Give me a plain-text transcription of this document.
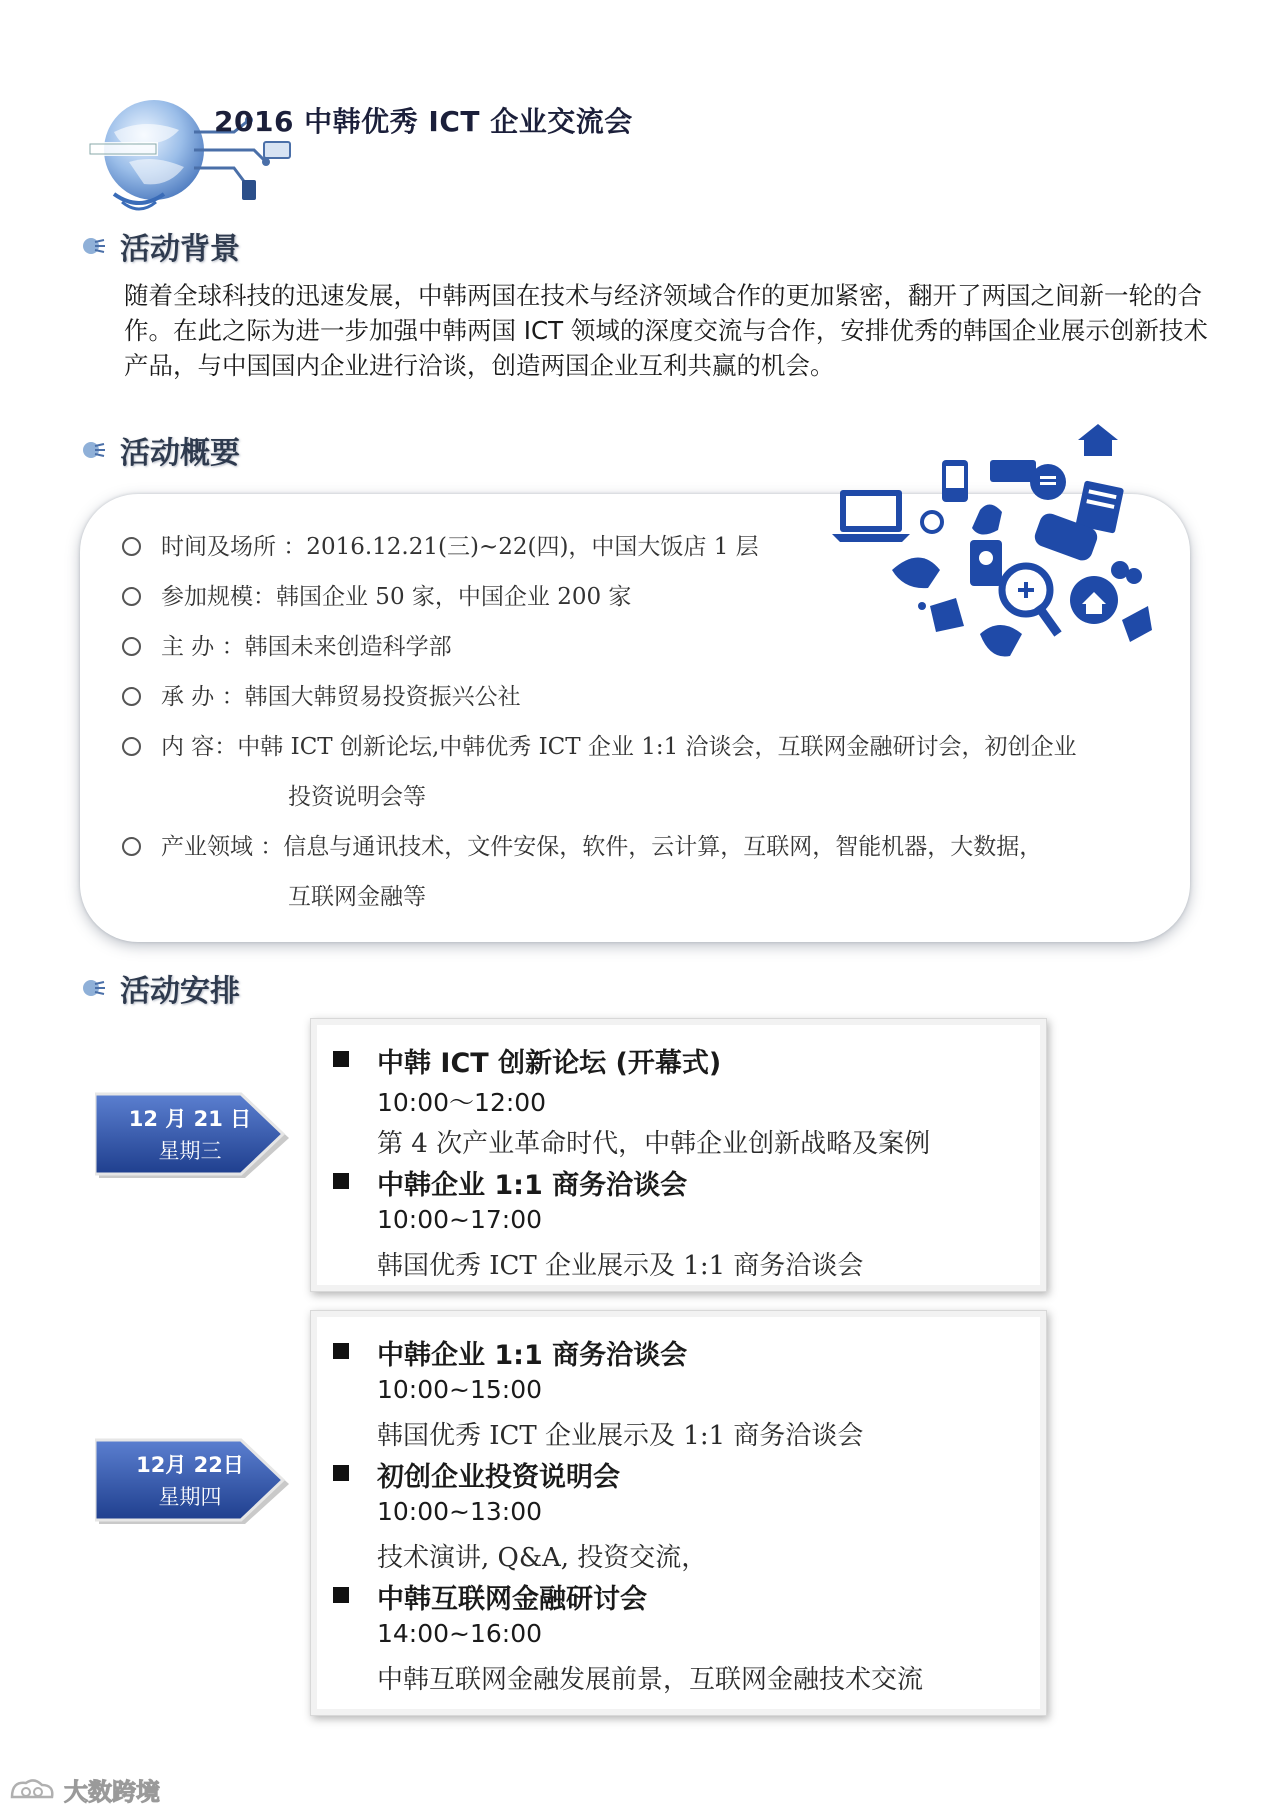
2016 中韩优秀 ICT 企业交流会
活动背景
随着全球科技的迅速发展，中韩两国在技术与经济领域合作的更加紧密，翻开了两国之间新一轮的合作。在此之际为进一步加强中韩两国 ICT 领域的深度交流与合作，安排优秀的韩国企业展示创新技术产品，与中国国内企业进行洽谈，创造两国企业互利共赢的机会。
活动概要
时间及场所 ：2016.12.21(三)~22(四)，中国大饭店 1 层
参加规模：韩国企业 50 家，中国企业 200 家
主 办 ：韩国未来创造科学部
承 办 ：韩国大韩贸易投资振兴公社
内 容：中韩 ICT 创新论坛,中韩优秀 ICT 企业 1:1 洽谈会，互联网金融研讨会，初创企业
投资说明会等
产业领域 ：信息与通讯技术，文件安保，软件，云计算，互联网，智能机器，大数据，
互联网金融等
活动安排
12 月 21 日
星期三
中韩 ICT 创新论坛 (开幕式)
10:00～12:00
第 4 次产业革命时代，中韩企业创新战略及案例
中韩企业 1:1 商务洽谈会
10:00~17:00
韩国优秀 ICT 企业展示及 1:1 商务洽谈会
12月 22日
星期四
中韩企业 1:1 商务洽谈会
10:00~15:00
韩国优秀 ICT 企业展示及 1:1 商务洽谈会
初创企业投资说明会
10:00~13:00
技术演讲, Q&A, 投资交流，
中韩互联网金融研讨会
14:00~16:00
中韩互联网金融发展前景，互联网金融技术交流
大数跨境
